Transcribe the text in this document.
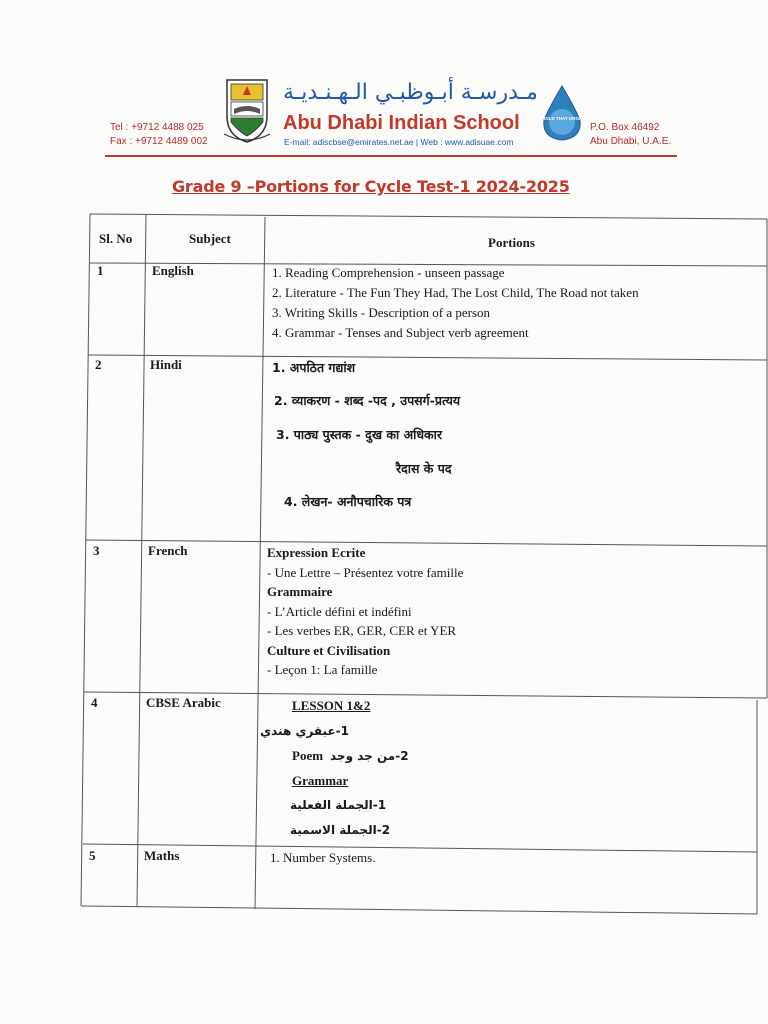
Tel : +9712 4488 025
Fax : +9712 4489 002
مـدرسـة أبـوظبـي الـهـنـديـة
Abu Dhabi Indian School
E-mail: adiscbse@emirates.net.ae | Web : www.adisuae.com
HOLD THAT DROP
P.O. Box 46492
Abu Dhabi, U.A.E.
Grade 9 –Portions for Cycle Test-1 2024-2025
Sl. No	Subject	Portions
1	English	1. Reading Comprehension - unseen passage
2. Literature - The Fun They Had, The Lost Child, The Road not taken
3. Writing Skills - Description of a person
4. Grammar - Tenses and Subject verb agreement
2	Hindi	1. अपठित गद्यांश
2. व्याकरण - शब्द -पद , उपसर्ग-प्रत्यय
3. पाठ्य पुस्तक - दुख का अधिकार
रैदास के पद
4. लेखन- अनौपचारिक पत्र
3	French	Expression Ecrite
- Une Lettre – Présentez votre famille
Grammaire
- L’Article défini et indéfini
- Les verbes ER, GER, CER et YER
Culture et Civilisation
- Leçon 1: La famille
4	CBSE Arabic	LESSON 1&2
1-عبقري هندي
Poem 2-من جد وجد
Grammar
1-الجملة الفعلية
2-الجملة الاسمية
5	Maths	1. Number Systems.
